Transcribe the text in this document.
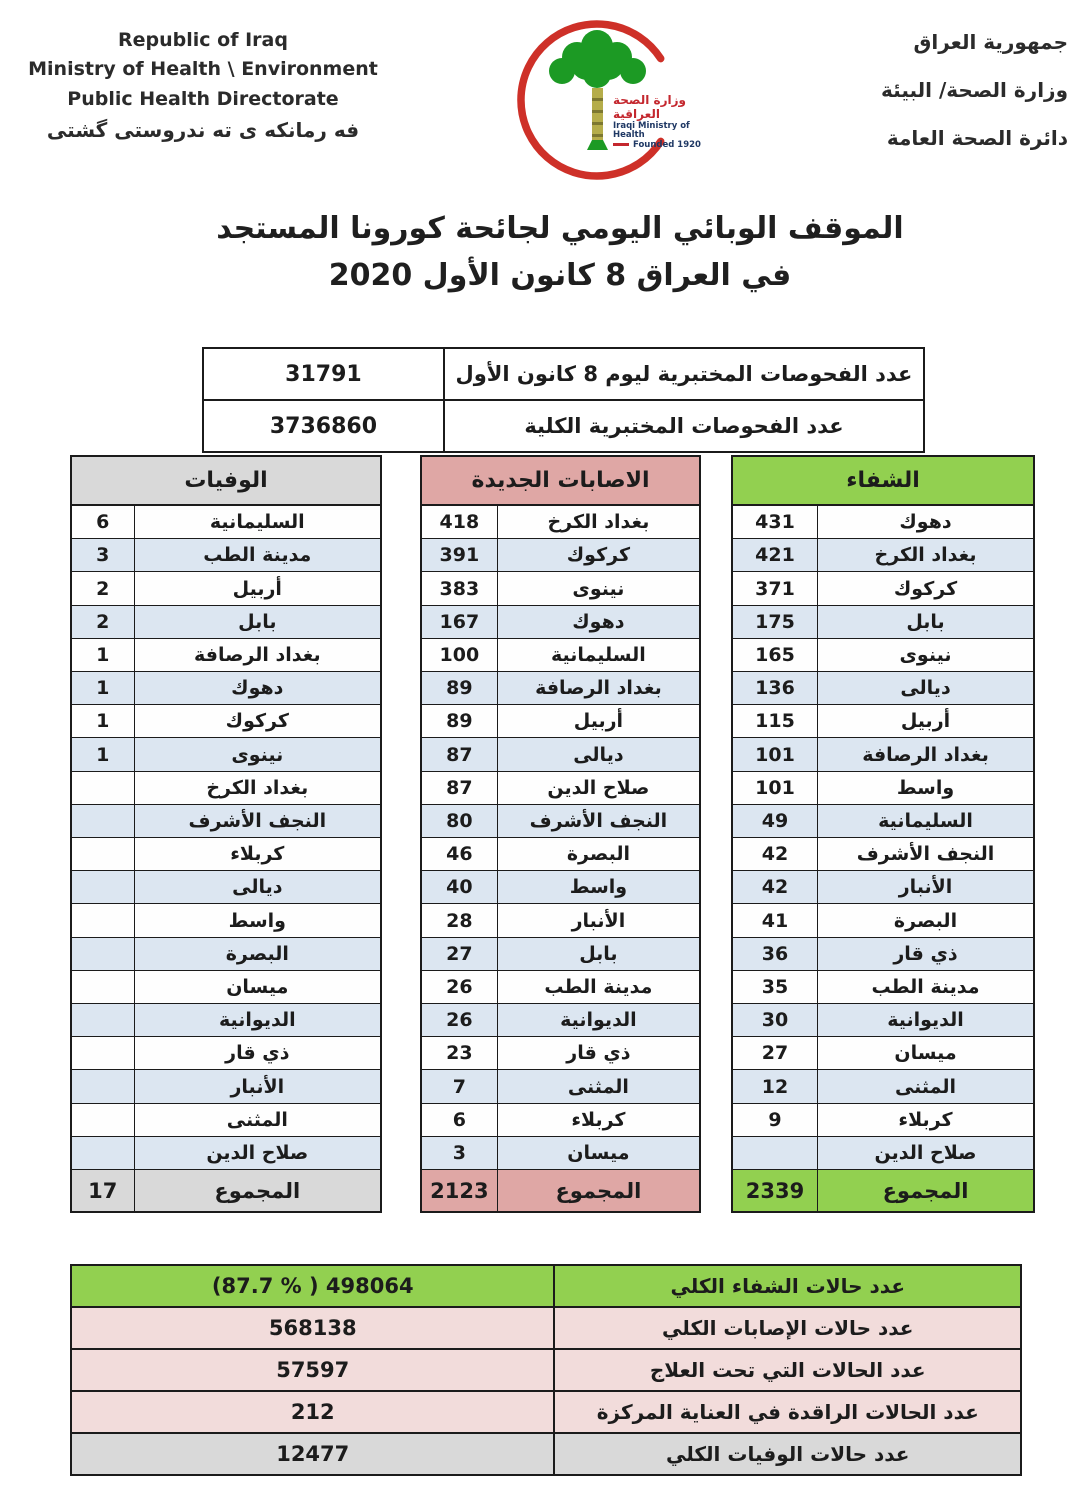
Republic of Iraq
Ministry of Health \ Environment
Public Health Directorate
فه رمانكه ى ته ندروستى گشتى
وزارة الصحة العراقية
Iraqi Ministry of Health
Founded 1920
جمهورية العراق
وزارة الصحة/ البيئة
دائرة الصحة العامة
الموقف الوبائي اليومي لجائحة كورونا المستجد
في العراق 8 كانون الأول 2020
عدد الفحوصات المختبرية ليوم 8 كانون الأول
31791
عدد الفحوصات المختبرية الكلية
3736860
الوفيات
السليمانية
6
مدينة الطب
3
أربيل
2
بابل
2
بغداد الرصافة
1
دهوك
1
كركوك
1
نينوى
1
بغداد الكرخ
النجف الأشرف
كربلاء
ديالى
واسط
البصرة
ميسان
الديوانية
ذي قار
الأنبار
المثنى
صلاح الدين
المجموع
17
الاصابات الجديدة
بغداد الكرخ
418
كركوك
391
نينوى
383
دهوك
167
السليمانية
100
بغداد الرصافة
89
أربيل
89
ديالى
87
صلاح الدين
87
النجف الأشرف
80
البصرة
46
واسط
40
الأنبار
28
بابل
27
مدينة الطب
26
الديوانية
26
ذي قار
23
المثنى
7
كربلاء
6
ميسان
3
المجموع
2123
الشفاء
دهوك
431
بغداد الكرخ
421
كركوك
371
بابل
175
نينوى
165
ديالى
136
أربيل
115
بغداد الرصافة
101
واسط
101
السليمانية
49
النجف الأشرف
42
الأنبار
42
البصرة
41
ذي قار
36
مدينة الطب
35
الديوانية
30
ميسان
27
المثنى
12
كربلاء
9
صلاح الدين
المجموع
2339
عدد حالات الشفاء الكلي
(87.7 % ) 498064
عدد حالات الإصابات الكلي
568138
عدد الحالات التي تحت العلاج
57597
عدد الحالات الراقدة في العناية المركزة
212
عدد حالات الوفيات الكلي
12477
